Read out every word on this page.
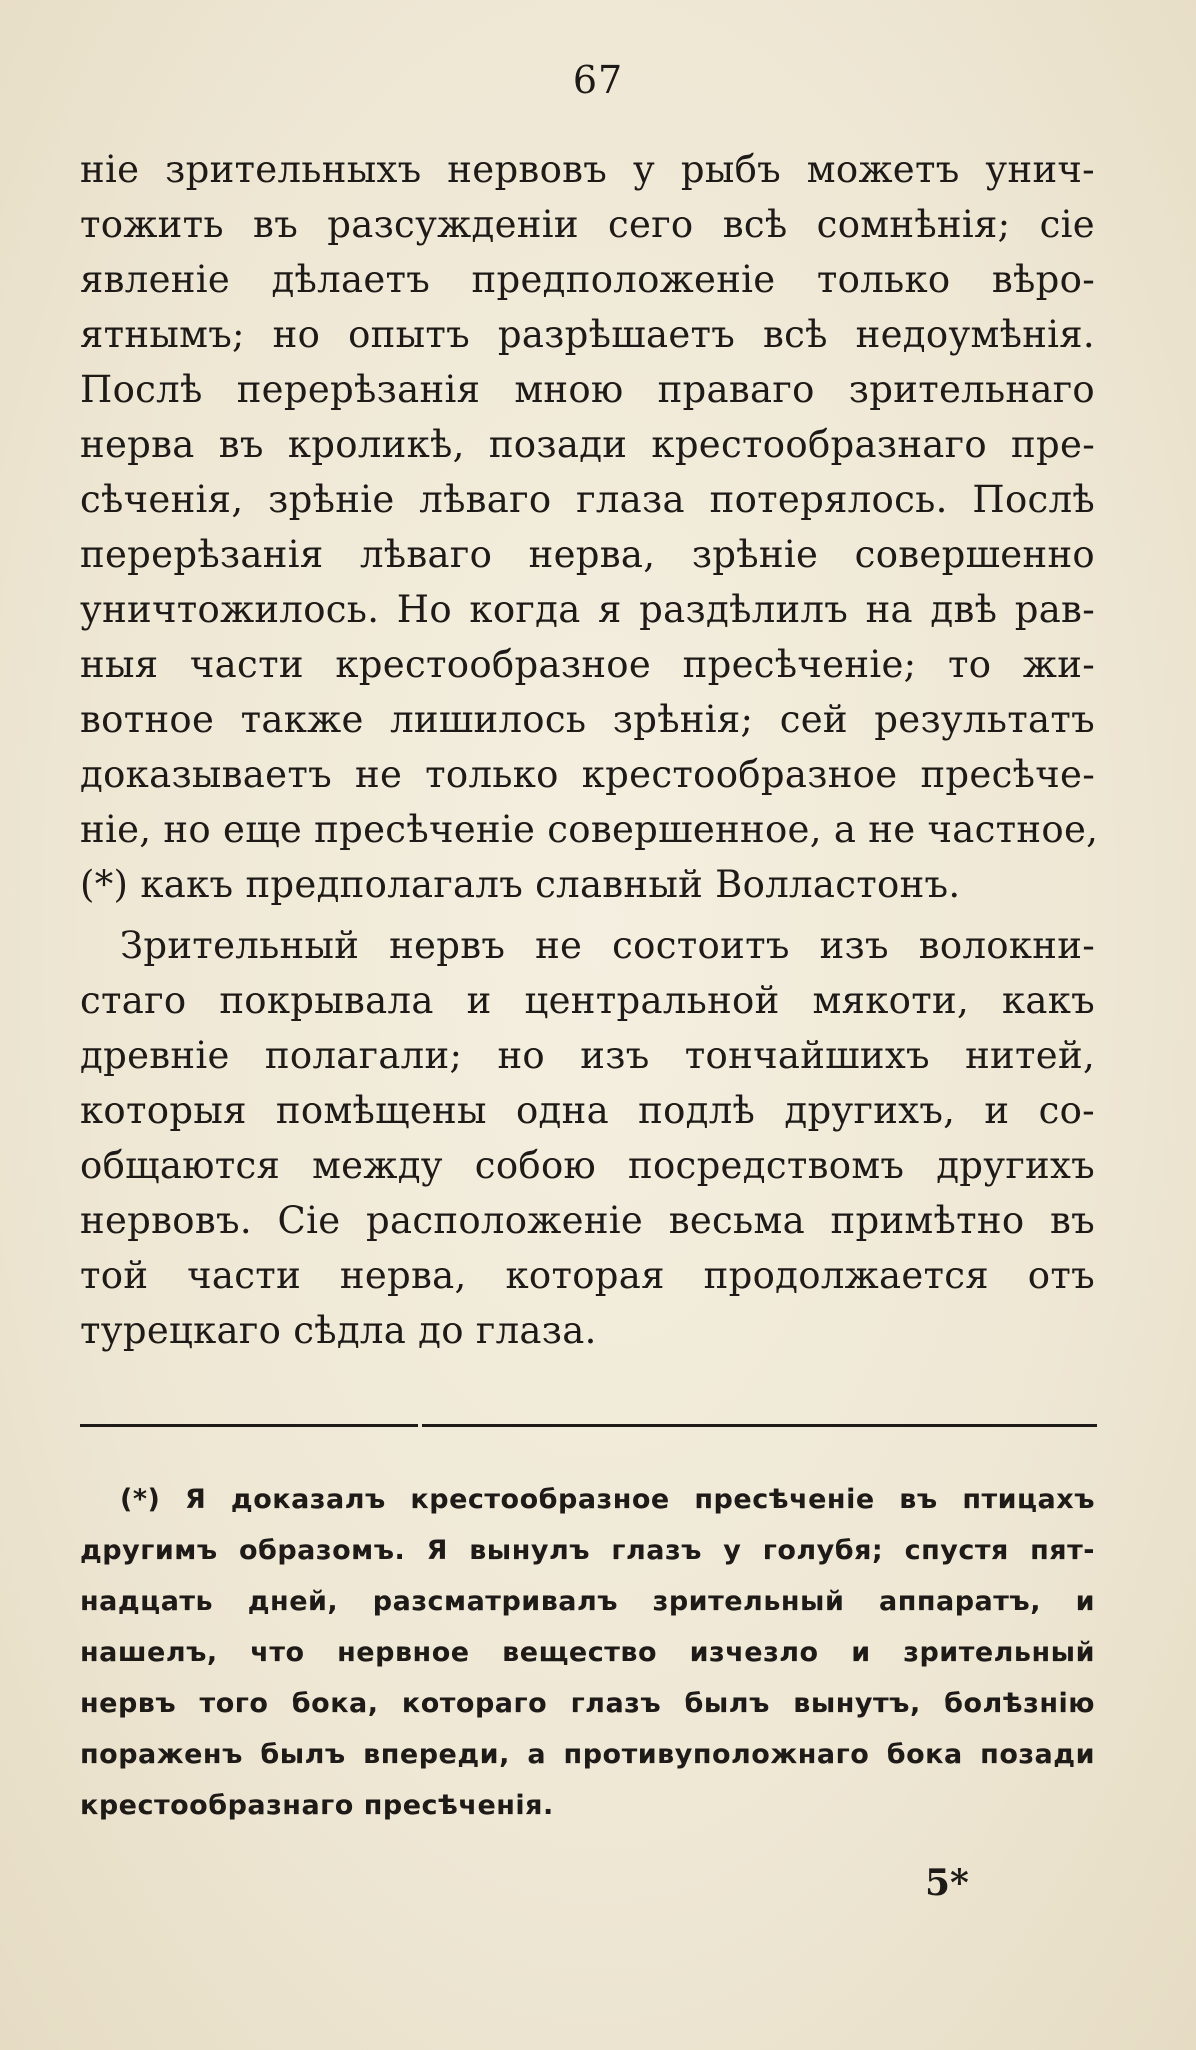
67
ніе зрительныхъ нервовъ у рыбъ можетъ унич-
тожить въ разсужденіи сего всѣ сомнѣнія; сіе
явленіе дѣлаетъ предположеніе только вѣро-
ятнымъ; но опытъ разрѣшаетъ всѣ недоумѣнія.
Послѣ перерѣзанія мною праваго зрительнаго
нерва въ кроликѣ, позади крестообразнаго пре-
сѣченія, зрѣніе лѣваго глаза потерялось. Послѣ
перерѣзанія лѣваго нерва, зрѣніе совершенно
уничтожилось. Но когда я раздѣлилъ на двѣ рав-
ныя части крестообразное пресѣченіе; то жи-
вотное также лишилось зрѣнія; сей результатъ
доказываетъ не только крестообразное пресѣче-
ніе, но еще пресѣченіе совершенное, а не частное,
(*) какъ предполагалъ славный Волластонъ.
Зрительный нервъ не состоитъ изъ волокни-
стаго покрывала и центральной мякоти, какъ
древніе полагали; но изъ тончайшихъ нитей,
которыя помѣщены одна подлѣ другихъ, и со-
общаются между собою посредствомъ другихъ
нервовъ. Сіе расположеніе весьма примѣтно въ
той части нерва, которая продолжается отъ
турецкаго сѣдла до глаза.
(*) Я доказалъ крестообразное пресѣченіе въ птицахъ
другимъ образомъ. Я вынулъ глазъ у голубя; спустя пят-
надцать дней, разсматривалъ зрительный аппаратъ, и
нашелъ, что нервное вещество изчезло и зрительный
нервъ того бока, котораго глазъ былъ вынутъ, болѣзнію
пораженъ былъ впереди, а противуположнаго бока позади
крестообразнаго пресѣченія.
5*
